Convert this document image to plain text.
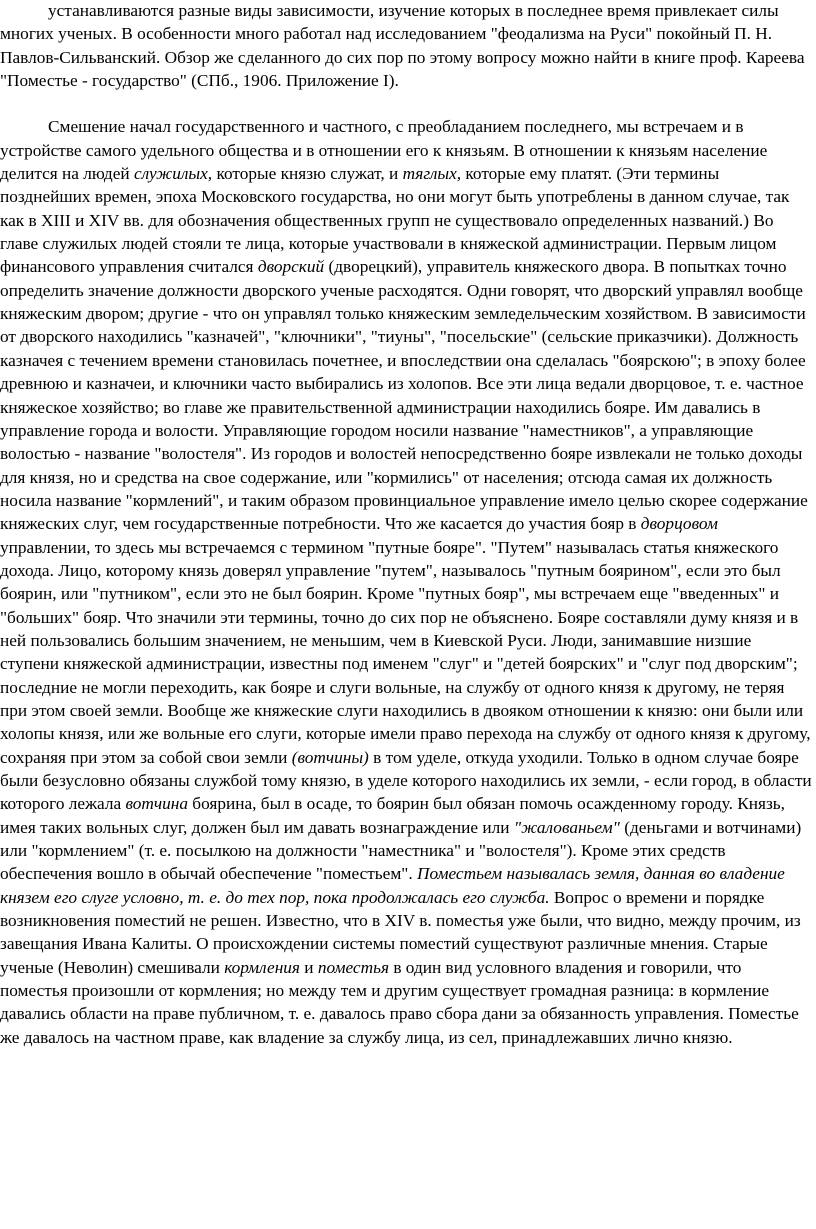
устанавливаются разные виды зависимости, изучение которых в последнее время привлекает силы многих ученых. В особенности много работал над исследованием "феодализма на Руси" покойный П. Н. Павлов-Сильванский. Обзор же сделанного до сих пор по этому вопросу можно найти в книге проф. Кареева "Поместье - государство" (СПб., 1906. Приложение I).

Смешение начал государственного и частного, с преобладанием последнего, мы встречаем и в устройстве самого удельного общества и в отношении его к князьям. В отношении к князьям население делится на людей служилых, которые князю служат, и тяглых, которые ему платят. (Эти термины позднейших времен, эпоха Московского государства, но они могут быть употреблены в данном случае, так как в XIII и XIV вв. для обозначения общественных групп не существовало определенных названий.) Во главе служилых людей стояли те лица, которые участвовали в княжеской администрации. Первым лицом финансового управления считался дворский (дворецкий), управитель княжеского двора. В попытках точно определить значение должности дворского ученые расходятся. Одни говорят, что дворский управлял вообще княжеским двором; другие - что он управлял только княжеским земледельческим хозяйством. В зависимости от дворского находились "казначей", "ключники", "тиуны", "посельские" (сельские приказчики). Должность казначея с течением времени становилась почетнее, и впоследствии она сделалась "боярскою"; в эпоху более древнюю и казначеи, и ключники часто выбирались из холопов. Все эти лица ведали дворцовое, т. е. частное княжеское хозяйство; во главе же правительственной администрации находились бояре. Им давались в управление города и волости. Управляющие городом носили название "наместников", а управляющие волостью - название "волостеля". Из городов и волостей непосредственно бояре извлекали не только доходы для князя, но и средства на свое содержание, или "кормились" от населения; отсюда самая их должность носила название "кормлений", и таким образом провинциальное управление имело целью скорее содержание княжеских слуг, чем государственные потребности. Что же касается до участия бояр в дворцовом управлении, то здесь мы встречаемся с термином "путные бояре". "Путем" называлась статья княжеского дохода. Лицо, которому князь доверял управление "путем", называлось "путным боярином", если это был боярин, или "путником", если это не был боярин. Кроме "путных бояр", мы встречаем еще "введенных" и "больших" бояр. Что значили эти термины, точно до сих пор не объяснено. Бояре составляли думу князя и в ней пользовались большим значением, не меньшим, чем в Киевской Руси. Люди, занимавшие низшие ступени княжеской администрации, известны под именем "слуг" и "детей боярских" и "слуг под дворским"; последние не могли переходить, как бояре и слуги вольные, на службу от одного князя к другому, не теряя при этом своей земли. Вообще же княжеские слуги находились в двояком отношении к князю: они были или холопы князя, или же вольные его слуги, которые имели право перехода на службу от одного князя к другому, сохраняя при этом за собой свои земли (вотчины) в том уделе, откуда уходили. Только в одном случае бояре были безусловно обязаны службой тому князю, в уделе которого находились их земли, - если город, в области которого лежала вотчина боярина, был в осаде, то боярин был обязан помочь осажденному городу. Князь, имея таких вольных слуг, должен был им давать вознаграждение или "жалованьем" (деньгами и вотчинами) или "кормлением" (т. е. посылкою на должности "наместника" и "волостеля"). Кроме этих средств обеспечения вошло в обычай обеспечение "поместьем". Поместьем называлась земля, данная во владение князем его слуге условно, т. е. до тех пор, пока продолжалась его служба. Вопрос о времени и порядке возникновения поместий не решен. Известно, что в XIV в. поместья уже были, что видно, между прочим, из завещания Ивана Калиты. О происхождении системы поместий существуют различные мнения. Старые ученые (Неволин) смешивали кормления и поместья в один вид условного владения и говорили, что поместья произошли от кормления; но между тем и другим существует громадная разница: в кормление давались области на праве публичном, т. е. давалось право сбора дани за обязанность управления. Поместье же давалось на частном праве, как владение за службу лица, из сел, принадлежавших лично князю.
